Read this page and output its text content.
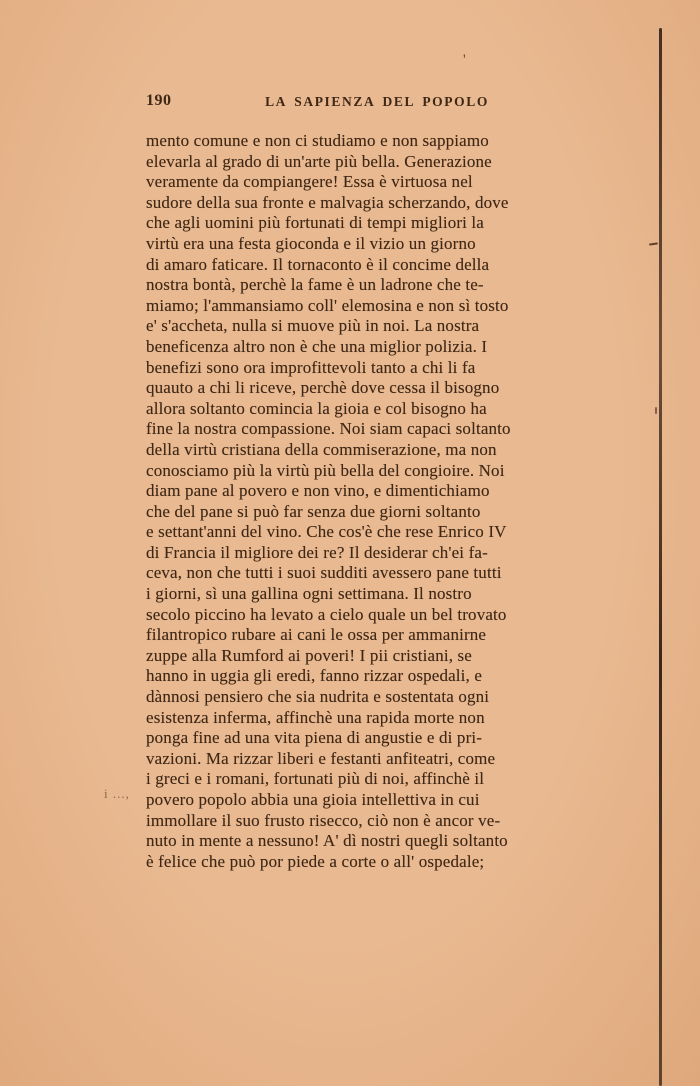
190	LA SAPIENZA DEL POPOLO
mento comune e non ci studiamo e non sappiamo
elevarla al grado di un'arte più bella. Generazione
veramente da compiangere! Essa è virtuosa nel
sudore della sua fronte e malvagia scherzando, dove
che agli uomini più fortunati di tempi migliori la
virtù era una festa gioconda e il vizio un giorno
di amaro faticare. Il tornaconto è il concime della
nostra bontà, perchè la fame è un ladrone che te-
miamo; l'ammansiamo coll' elemosina e non sì tosto
e' s'accheta, nulla si muove più in noi. La nostra
beneficenza altro non è che una miglior polizia. I
benefizi sono ora improfittevoli tanto a chi li fa
quauto a chi li riceve, perchè dove cessa il bisogno
allora soltanto comincia la gioia e col bisogno ha
fine la nostra compassione. Noi siam capaci soltanto
della virtù cristiana della commiserazione, ma non
conosciamo più la virtù più bella del congioire. Noi
diam pane al povero e non vino, e dimentichiamo
che del pane si può far senza due giorni soltanto
e settant'anni del vino. Che cos'è che rese Enrico IV
di Francia il migliore dei re? Il desiderar ch'ei fa-
ceva, non che tutti i suoi sudditi avessero pane tutti
i giorni, sì una gallina ogni settimana. Il nostro
secolo piccino ha levato a cielo quale un bel trovato
filantropico rubare ai cani le ossa per ammanirne
zuppe alla Rumford ai poveri! I pii cristiani, se
hanno in uggia gli eredi, fanno rizzar ospedali, e
dànnosi pensiero che sia nudrita e sostentata ogni
esistenza inferma, affinchè una rapida morte non
ponga fine ad una vita piena di angustie e di pri-
vazioni. Ma rizzar liberi e festanti anfiteatri, come
i greci e i romani, fortunati più di noi, affinchè il
povero popolo abbia una gioia intellettiva in cui
immollare il suo frusto risecco, ciò non è ancor ve-
nuto in mente a nessuno! A' dì nostri quegli soltanto
è felice che può por piede a corte o all' ospedale;
'
i ...,
